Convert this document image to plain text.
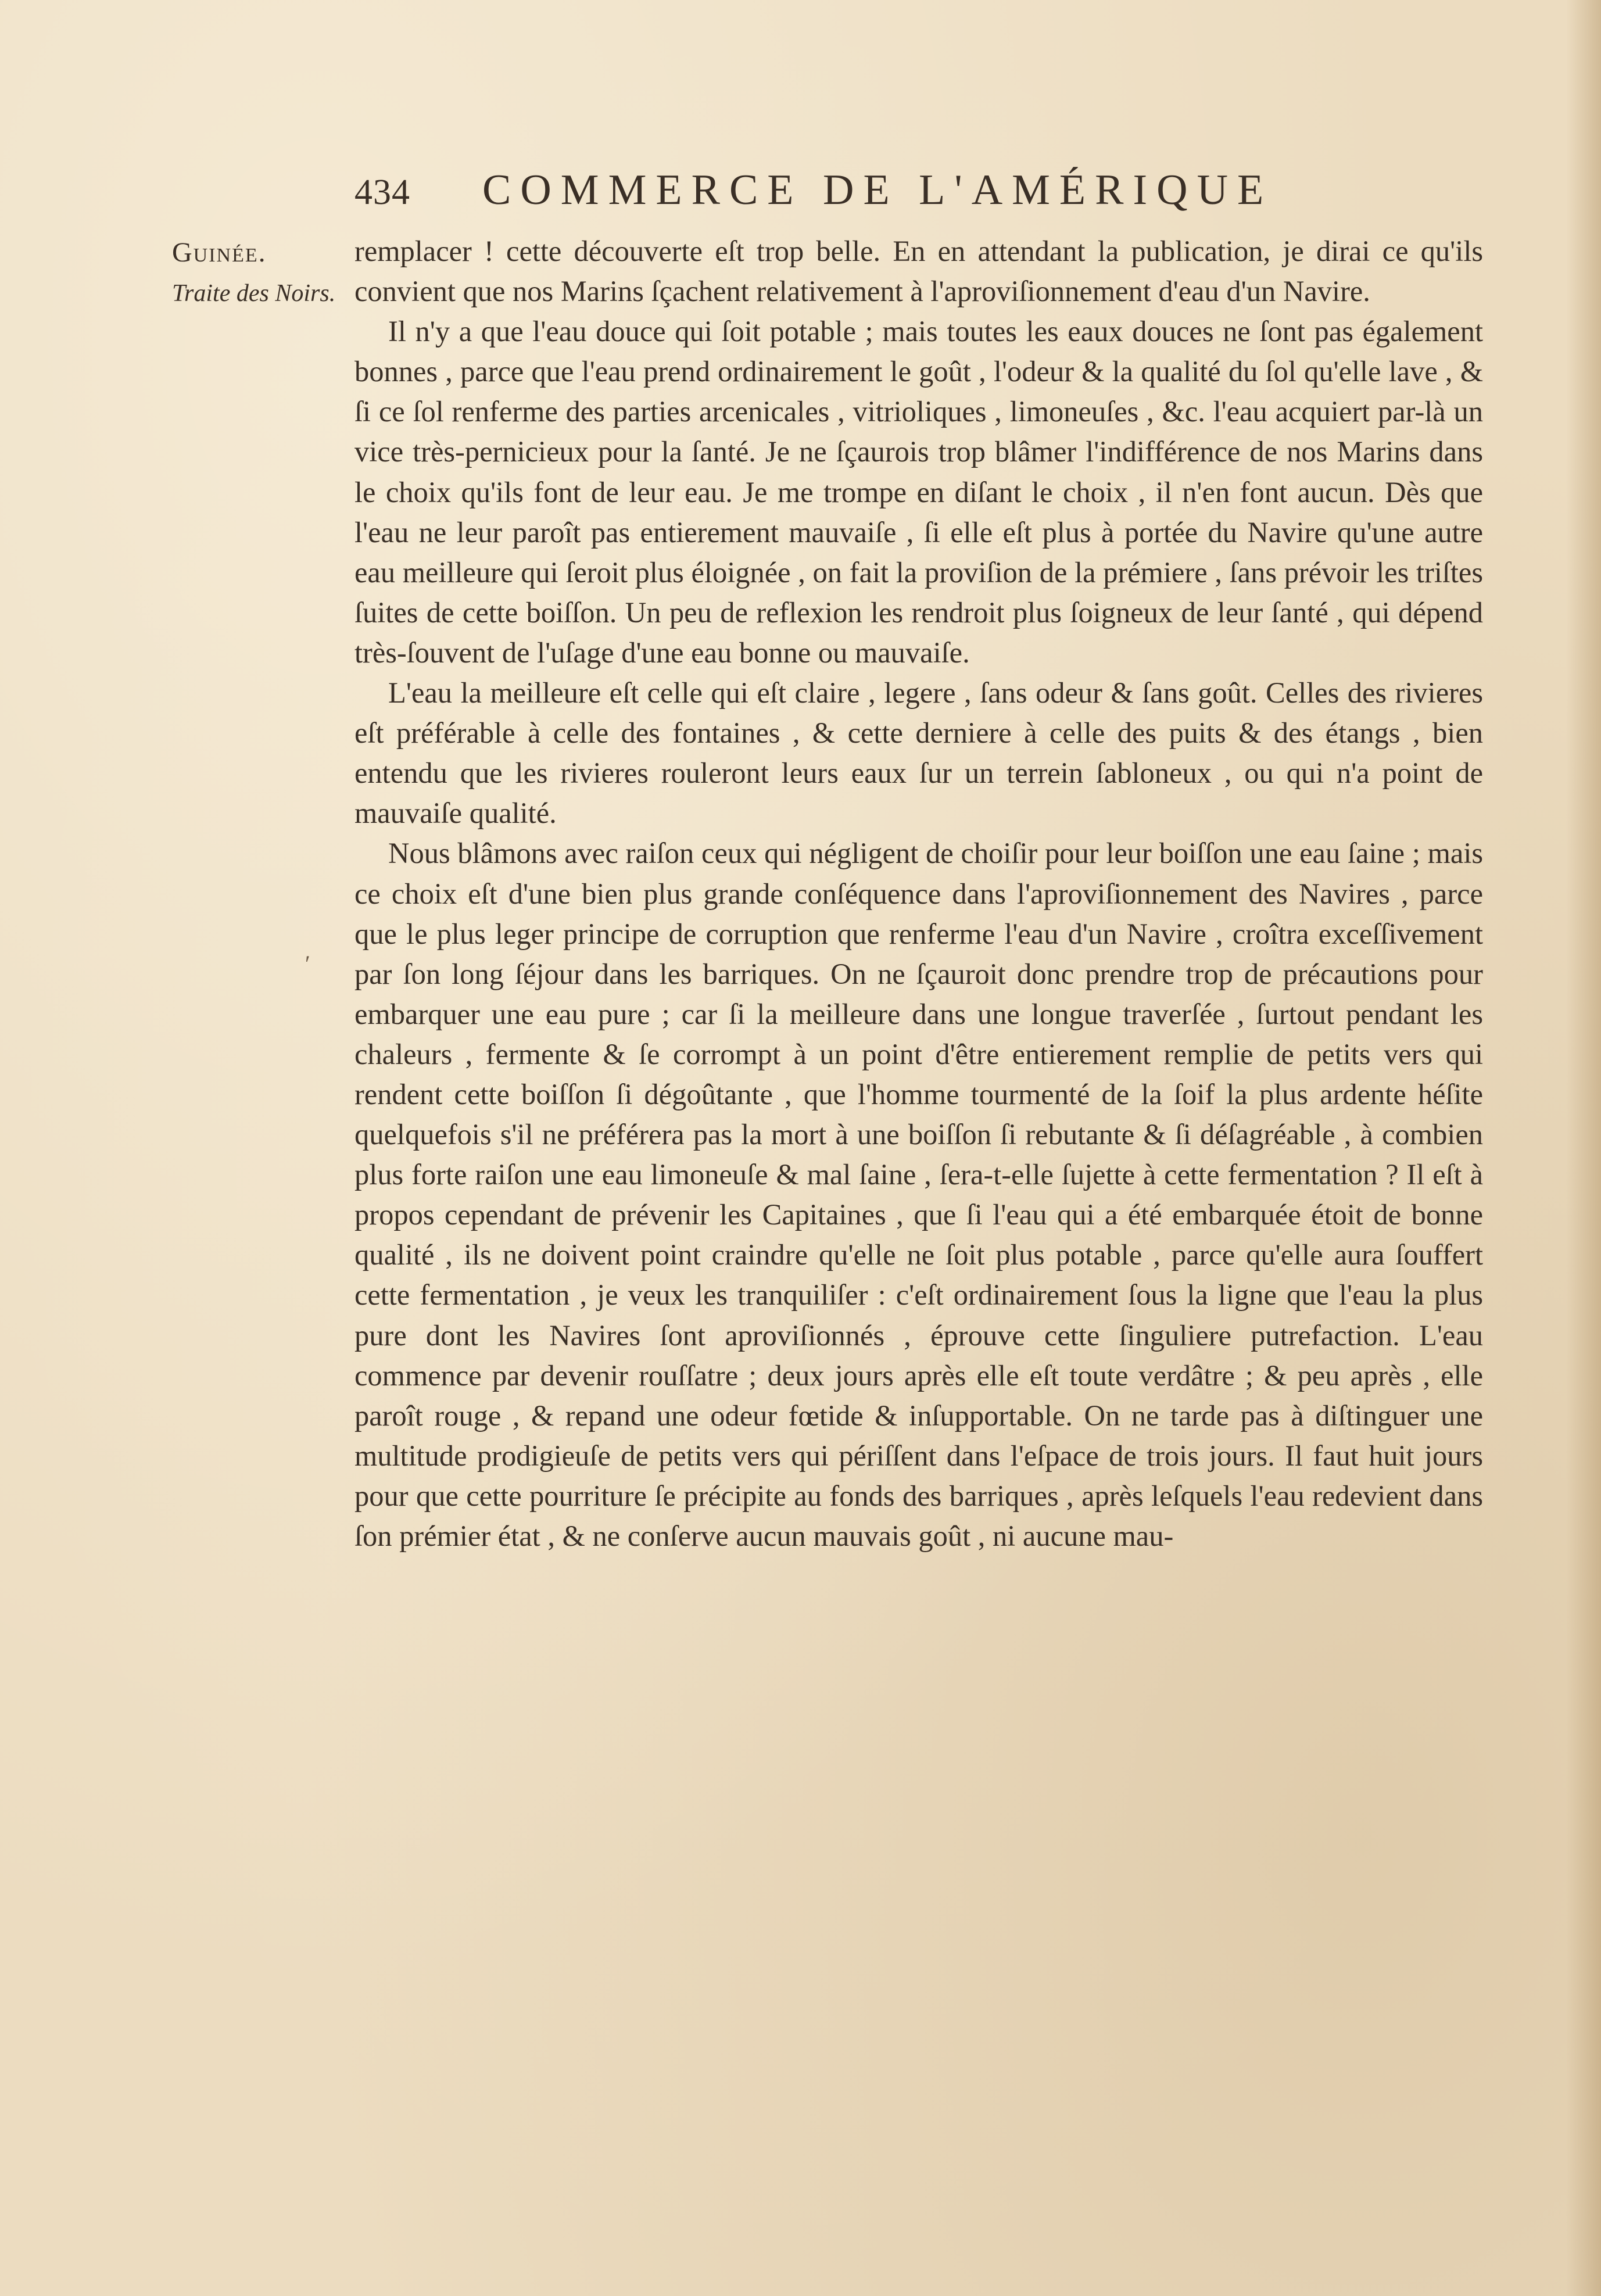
434	COMMERCE DE L'AMÉRIQUE
Guinée.
Traite des Noirs.
′

remplacer ! cette découverte eſt trop belle. En en attendant la publication, je dirai ce qu'ils convient que nos Marins ſçachent relativement à l'aproviſionnement d'eau d'un Navire.

Il n'y a que l'eau douce qui ſoit potable ; mais toutes les eaux douces ne ſont pas également bonnes , parce que l'eau prend ordinairement le goût , l'odeur & la qualité du ſol qu'elle lave , & ſi ce ſol renferme des parties arcenicales , vitrioliques , limoneuſes , &c. l'eau acquiert par-là un vice très-pernicieux pour la ſanté. Je ne ſçaurois trop blâmer l'indifférence de nos Marins dans le choix qu'ils font de leur eau. Je me trompe en diſant le choix , il n'en font aucun. Dès que l'eau ne leur paroît pas entierement mauvaiſe , ſi elle eſt plus à portée du Navire qu'une autre eau meilleure qui ſeroit plus éloignée , on fait la proviſion de la prémiere , ſans prévoir les triſtes ſuites de cette boiſſon. Un peu de reflexion les rendroit plus ſoigneux de leur ſanté , qui dépend très-ſouvent de l'uſage d'une eau bonne ou mauvaiſe.

L'eau la meilleure eſt celle qui eſt claire , legere , ſans odeur & ſans goût. Celles des rivieres eſt préférable à celle des fontaines , & cette derniere à celle des puits & des étangs , bien entendu que les rivieres rouleront leurs eaux ſur un terrein ſabloneux , ou qui n'a point de mauvaiſe qualité.

Nous blâmons avec raiſon ceux qui négligent de choiſir pour leur boiſſon une eau ſaine ; mais ce choix eſt d'une bien plus grande conſéquence dans l'aproviſionnement des Navires , parce que le plus leger principe de corruption que renferme l'eau d'un Navire , croîtra exceſſivement par ſon long ſéjour dans les barriques. On ne ſçauroit donc prendre trop de précautions pour embarquer une eau pure ; car ſi la meilleure dans une longue traverſée , ſurtout pendant les chaleurs , fermente & ſe corrompt à un point d'être entierement remplie de petits vers qui rendent cette boiſſon ſi dégoûtante , que l'homme tourmenté de la ſoif la plus ardente héſite quelquefois s'il ne préférera pas la mort à une boiſſon ſi rebutante & ſi déſagréable , à combien plus forte raiſon une eau limoneuſe & mal ſaine , ſera-t-elle ſujette à cette fermentation ? Il eſt à propos cependant de prévenir les Capitaines , que ſi l'eau qui a été embarquée étoit de bonne qualité , ils ne doivent point craindre qu'elle ne ſoit plus potable , parce qu'elle aura ſouffert cette fermentation , je veux les tranquiliſer : c'eſt ordinairement ſous la ligne que l'eau la plus pure dont les Navires ſont aproviſionnés , éprouve cette ſinguliere putrefaction. L'eau commence par devenir rouſſatre ; deux jours après elle eſt toute verdâtre ; & peu après , elle paroît rouge , & repand une odeur fœtide & inſupportable. On ne tarde pas à diſtinguer une multitude prodigieuſe de petits vers qui périſſent dans l'eſpace de trois jours. Il faut huit jours pour que cette pourriture ſe précipite au fonds des barriques , après leſquels l'eau redevient dans ſon prémier état , & ne conſerve aucun mauvais goût , ni aucune mau-
